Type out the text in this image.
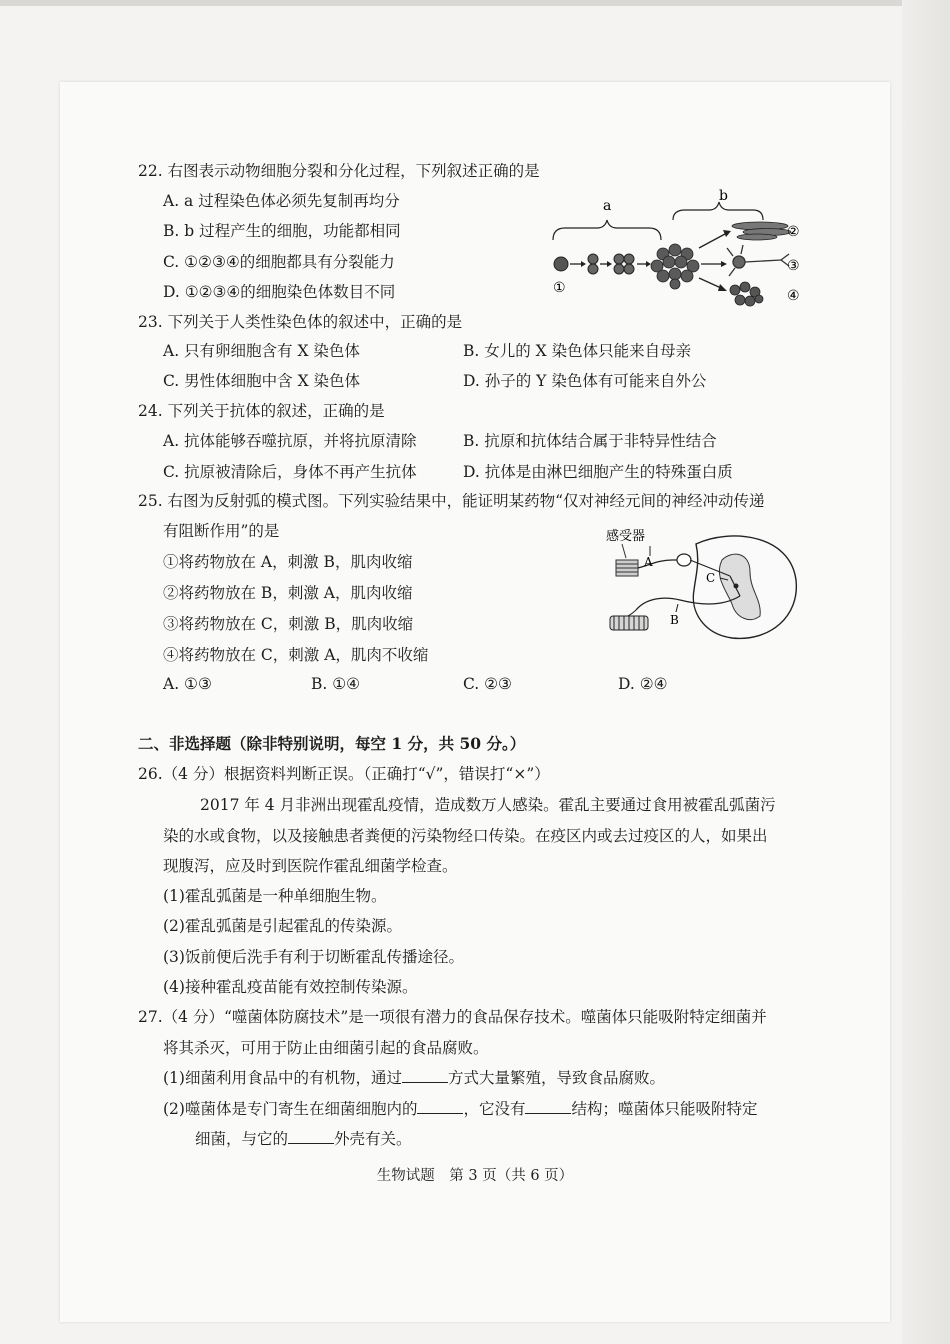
22. 右图表示动物细胞分裂和分化过程，下列叙述正确的是
A. a 过程染色体必须先复制再均分
B. b 过程产生的细胞，功能都相同
C. ①②③④的细胞都具有分裂能力
D. ①②③④的细胞染色体数目不同
a
b
①
②
③
④
23. 下列关于人类性染色体的叙述中，正确的是
A. 只有卵细胞含有 X 染色体	B. 女儿的 X 染色体只能来自母亲
C. 男性体细胞中含 X 染色体	D. 孙子的 Y 染色体有可能来自外公
24. 下列关于抗体的叙述，正确的是
A. 抗体能够吞噬抗原，并将抗原清除	B. 抗原和抗体结合属于非特异性结合
C. 抗原被清除后，身体不再产生抗体	D. 抗体是由淋巴细胞产生的特殊蛋白质
25. 右图为反射弧的模式图。下列实验结果中，能证明某药物“仅对神经元间的神经冲动传递
有阻断作用”的是
①将药物放在 A，刺激 B，肌肉收缩
②将药物放在 B，刺激 A，肌肉收缩
③将药物放在 C，刺激 B，肌肉收缩
④将药物放在 C，刺激 A，肌肉不收缩
A. ①③	B. ①④	C. ②③	D. ②④
感受器
A
C
B
二、非选择题（除非特别说明，每空 1 分，共 50 分。）
26.（4 分）根据资料判断正误。（正确打“√”，错误打“×”）
2017 年 4 月非洲出现霍乱疫情，造成数万人感染。霍乱主要通过食用被霍乱弧菌污
染的水或食物，以及接触患者粪便的污染物经口传染。在疫区内或去过疫区的人，如果出
现腹泻，应及时到医院作霍乱细菌学检查。
(1)霍乱弧菌是一种单细胞生物。
(2)霍乱弧菌是引起霍乱的传染源。
(3)饭前便后洗手有利于切断霍乱传播途径。
(4)接种霍乱疫苗能有效控制传染源。
27.（4 分）“噬菌体防腐技术”是一项很有潜力的食品保存技术。噬菌体只能吸附特定细菌并
将其杀灭，可用于防止由细菌引起的食品腐败。
(1)细菌利用食品中的有机物，通过	方式大量繁殖，导致食品腐败。
(2)噬菌体是专门寄生在细菌细胞内的	，它没有	结构；噬菌体只能吸附特定
细菌，与它的	外壳有关。
生物试题　第 3 页（共 6 页）
